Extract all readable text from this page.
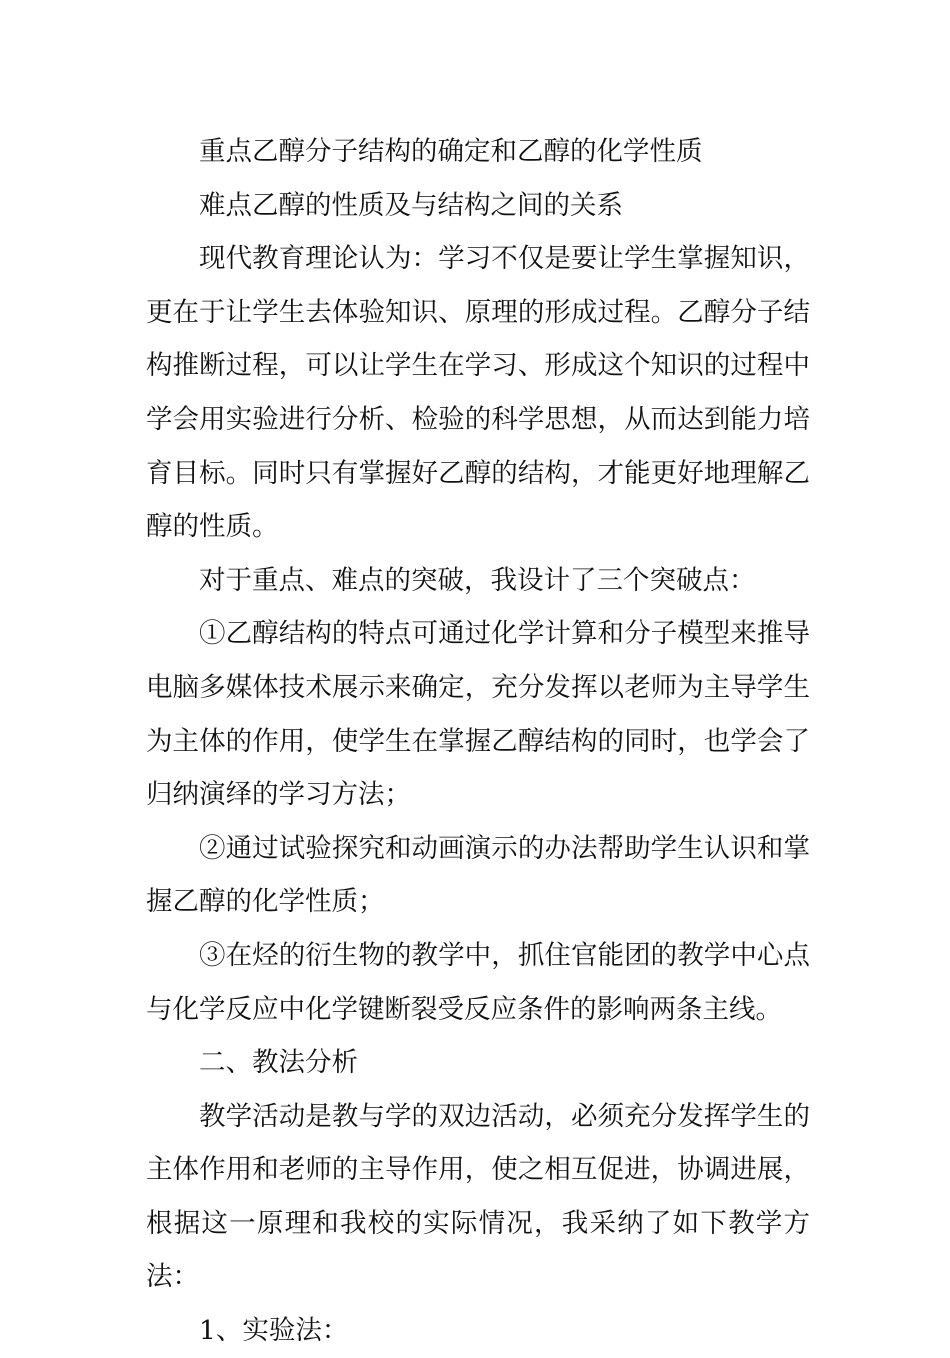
重点乙醇分子结构的确定和乙醇的化学性质

难点乙醇的性质及与结构之间的关系

现代教育理论认为：学习不仅是要让学生掌握知识，更在于让学生去体验知识、原理的形成过程。乙醇分子结构推断过程，可以让学生在学习、形成这个知识的过程中学会用实验进行分析、检验的科学思想，从而达到能力培育目标。同时只有掌握好乙醇的结构，才能更好地理解乙醇的性质。

对于重点、难点的突破，我设计了三个突破点：

①乙醇结构的特点可通过化学计算和分子模型来推导电脑多媒体技术展示来确定，充分发挥以老师为主导学生为主体的作用，使学生在掌握乙醇结构的同时，也学会了归纳演绎的学习方法；

②通过试验探究和动画演示的办法帮助学生认识和掌握乙醇的化学性质；

③在烃的衍生物的教学中，抓住官能团的教学中心点与化学反应中化学键断裂受反应条件的影响两条主线。

二、教法分析

教学活动是教与学的双边活动，必须充分发挥学生的主体作用和老师的主导作用，使之相互促进，协调进展，根据这一原理和我校的实际情况，我采纳了如下教学方法：

1、实验法：
